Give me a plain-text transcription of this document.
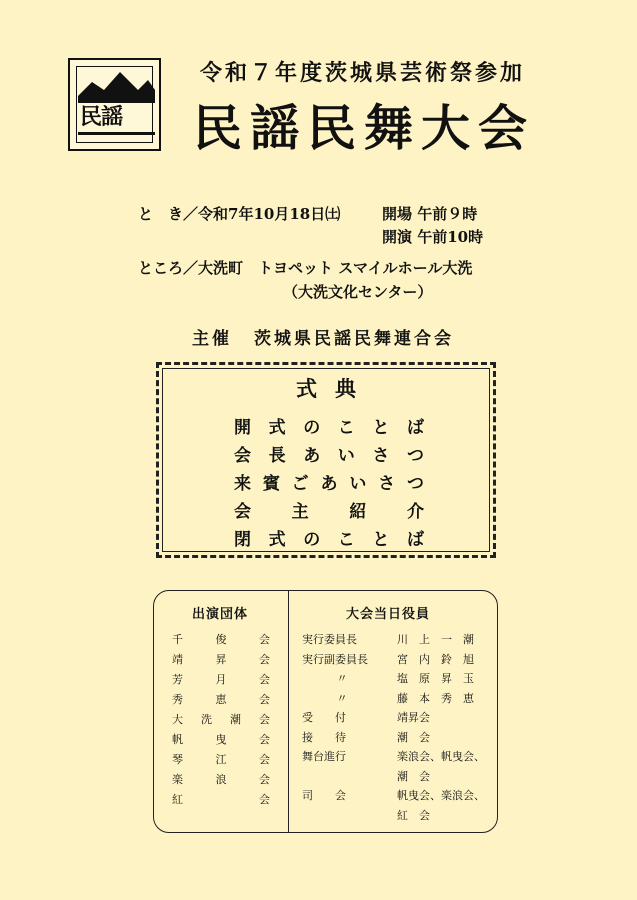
民謡
令和７年度茨城県芸術祭参加
民謡民舞大会
と　き／令和7年10月18日㈯	開場 午前９時
開演 午前10時
ところ／大洗町　トヨペット スマイルホール大洗
（大洗文化センター）
主催 茨城県民謡民舞連合会
式典
開 式 の こ と ば
会 長 あ い さ つ
来 賓 ご あ い さ つ
会 主 紹 介
閉 式 の こ と ば
出演団体	大会当日役員
千	俊	会
靖	昇	会
芳	月	会
秀	恵	会
大 洗 潮 会
帆	曳	会
琴	江	会
楽	浪	会
紅	会
実行委員長	川　上　一　潮
実行副委員長	宮　内　鈴　旭
〃	塩　原　昇　玉
〃	藤　本　秀　恵
受　　付	靖昇会
接　　待	潮　会
舞台進行	楽浪会、帆曳会、
潮　会
司　　会	帆曳会、楽浪会、
紅　会
